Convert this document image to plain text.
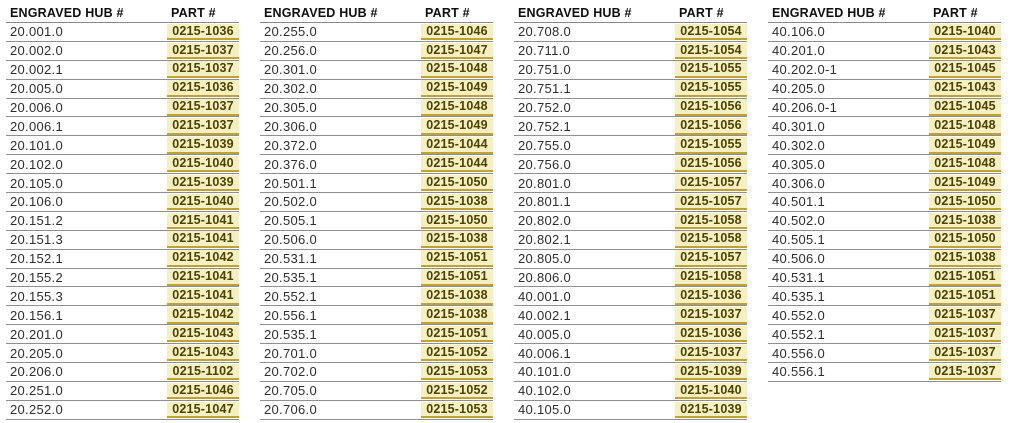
ENGRAVED HUB #	PART #
20.001.0	0215-1036
20.002.0	0215-1037
20.002.1	0215-1037
20.005.0	0215-1036
20.006.0	0215-1037
20.006.1	0215-1037
20.101.0	0215-1039
20.102.0	0215-1040
20.105.0	0215-1039
20.106.0	0215-1040
20.151.2	0215-1041
20.151.3	0215-1041
20.152.1	0215-1042
20.155.2	0215-1041
20.155.3	0215-1041
20.156.1	0215-1042
20.201.0	0215-1043
20.205.0	0215-1043
20.206.0	0215-1102
20.251.0	0215-1046
20.252.0	0215-1047
ENGRAVED HUB #	PART #
20.255.0	0215-1046
20.256.0	0215-1047
20.301.0	0215-1048
20.302.0	0215-1049
20.305.0	0215-1048
20.306.0	0215-1049
20.372.0	0215-1044
20.376.0	0215-1044
20.501.1	0215-1050
20.502.0	0215-1038
20.505.1	0215-1050
20.506.0	0215-1038
20.531.1	0215-1051
20.535.1	0215-1051
20.552.1	0215-1038
20.556.1	0215-1038
20.535.1	0215-1051
20.701.0	0215-1052
20.702.0	0215-1053
20.705.0	0215-1052
20.706.0	0215-1053
ENGRAVED HUB #	PART #
20.708.0	0215-1054
20.711.0	0215-1054
20.751.0	0215-1055
20.751.1	0215-1055
20.752.0	0215-1056
20.752.1	0215-1056
20.755.0	0215-1055
20.756.0	0215-1056
20.801.0	0215-1057
20.801.1	0215-1057
20.802.0	0215-1058
20.802.1	0215-1058
20.805.0	0215-1057
20.806.0	0215-1058
40.001.0	0215-1036
40.002.1	0215-1037
40.005.0	0215-1036
40.006.1	0215-1037
40.101.0	0215-1039
40.102.0	0215-1040
40.105.0	0215-1039
ENGRAVED HUB #	PART #
40.106.0	0215-1040
40.201.0	0215-1043
40.202.0-1	0215-1045
40.205.0	0215-1043
40.206.0-1	0215-1045
40.301.0	0215-1048
40.302.0	0215-1049
40.305.0	0215-1048
40.306.0	0215-1049
40.501.1	0215-1050
40.502.0	0215-1038
40.505.1	0215-1050
40.506.0	0215-1038
40.531.1	0215-1051
40.535.1	0215-1051
40.552.0	0215-1037
40.552.1	0215-1037
40.556.0	0215-1037
40.556.1	0215-1037
